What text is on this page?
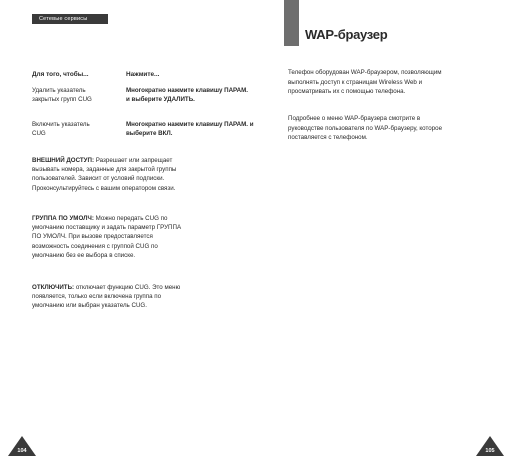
Сетевые сервисы
Для того, чтобы...	Нажмите...
Удалить указатель
закрытых групп CUG
Многократно нажмите клавишу ПАРАМ.
и выберите УДАЛИТЬ.
Включить указатель
CUG
Многократно нажмите клавишу ПАРАМ. и
выберите ВКЛ.
ВНЕШНИЙ ДОСТУП: Разрешает или запрещает
вызывать номера, заданные для закрытой группы
пользователей. Зависит от условий подписки.
Проконсультируйтесь с вашим оператором связи.
ГРУППА ПО УМОЛЧ: Можно передать CUG по
умолчанию поставщику и задать параметр ГРУППА
ПО УМОЛЧ. При вызове предоставляется
возможность соединения с группой CUG по
умолчанию без ее выбора в списке.
ОТКЛЮЧИТЬ: отключает функцию CUG. Это меню
появляется, только если включена группа по
умолчанию или выбран указатель CUG.
104
WAP-браузер
Телефон оборудован WAP-браузером, позволяющим
выполнять доступ к страницам Wireless Web и
просматривать их с помощью телефона.
Подробнее о меню WAP-браузера смотрите в
руководстве пользователя по WAP-браузеру, которое
поставляется с телефоном.
105
